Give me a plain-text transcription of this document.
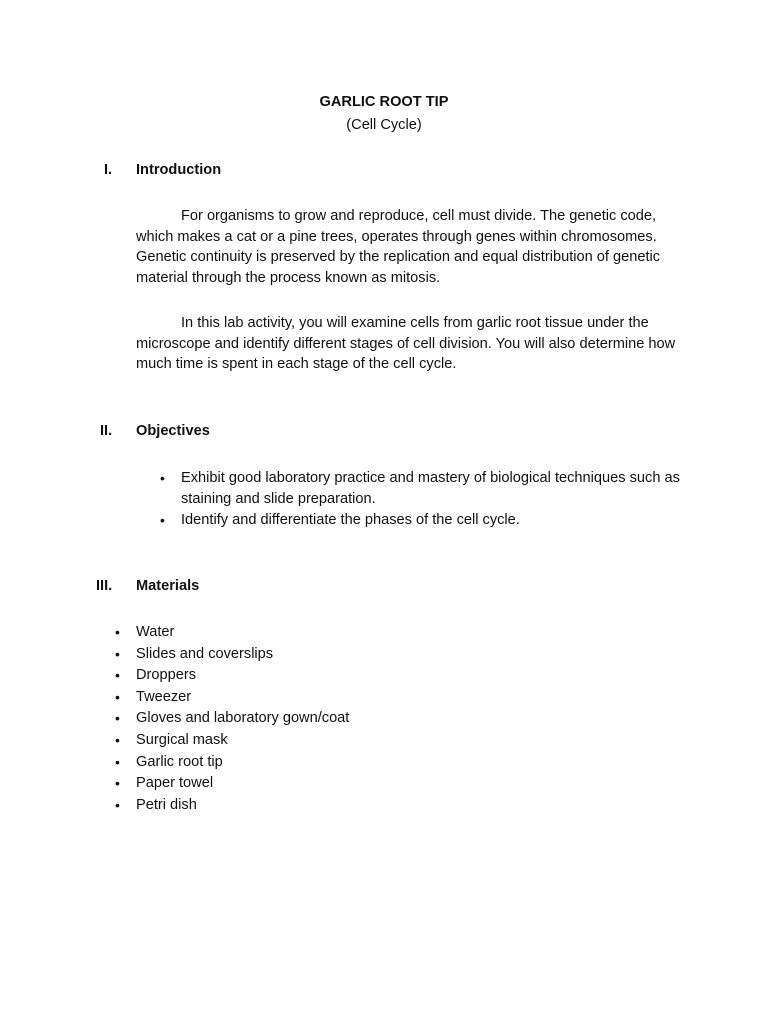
GARLIC ROOT TIP
(Cell Cycle)
I. Introduction

For organisms to grow and reproduce, cell must divide. The genetic code, which makes a cat or a pine trees, operates through genes within chromosomes. Genetic continuity is preserved by the replication and equal distribution of genetic material through the process known as mitosis.

In this lab activity, you will examine cells from garlic root tissue under the microscope and identify different stages of cell division. You will also determine how much time is spent in each stage of the cell cycle.

II. Objectives
• Exhibit good laboratory practice and mastery of biological techniques such as staining and slide preparation.
• Identify and differentiate the phases of the cell cycle.
III. Materials
• Water
• Slides and coverslips
• Droppers
• Tweezer
• Gloves and laboratory gown/coat
• Surgical mask
• Garlic root tip
• Paper towel
• Petri dish
